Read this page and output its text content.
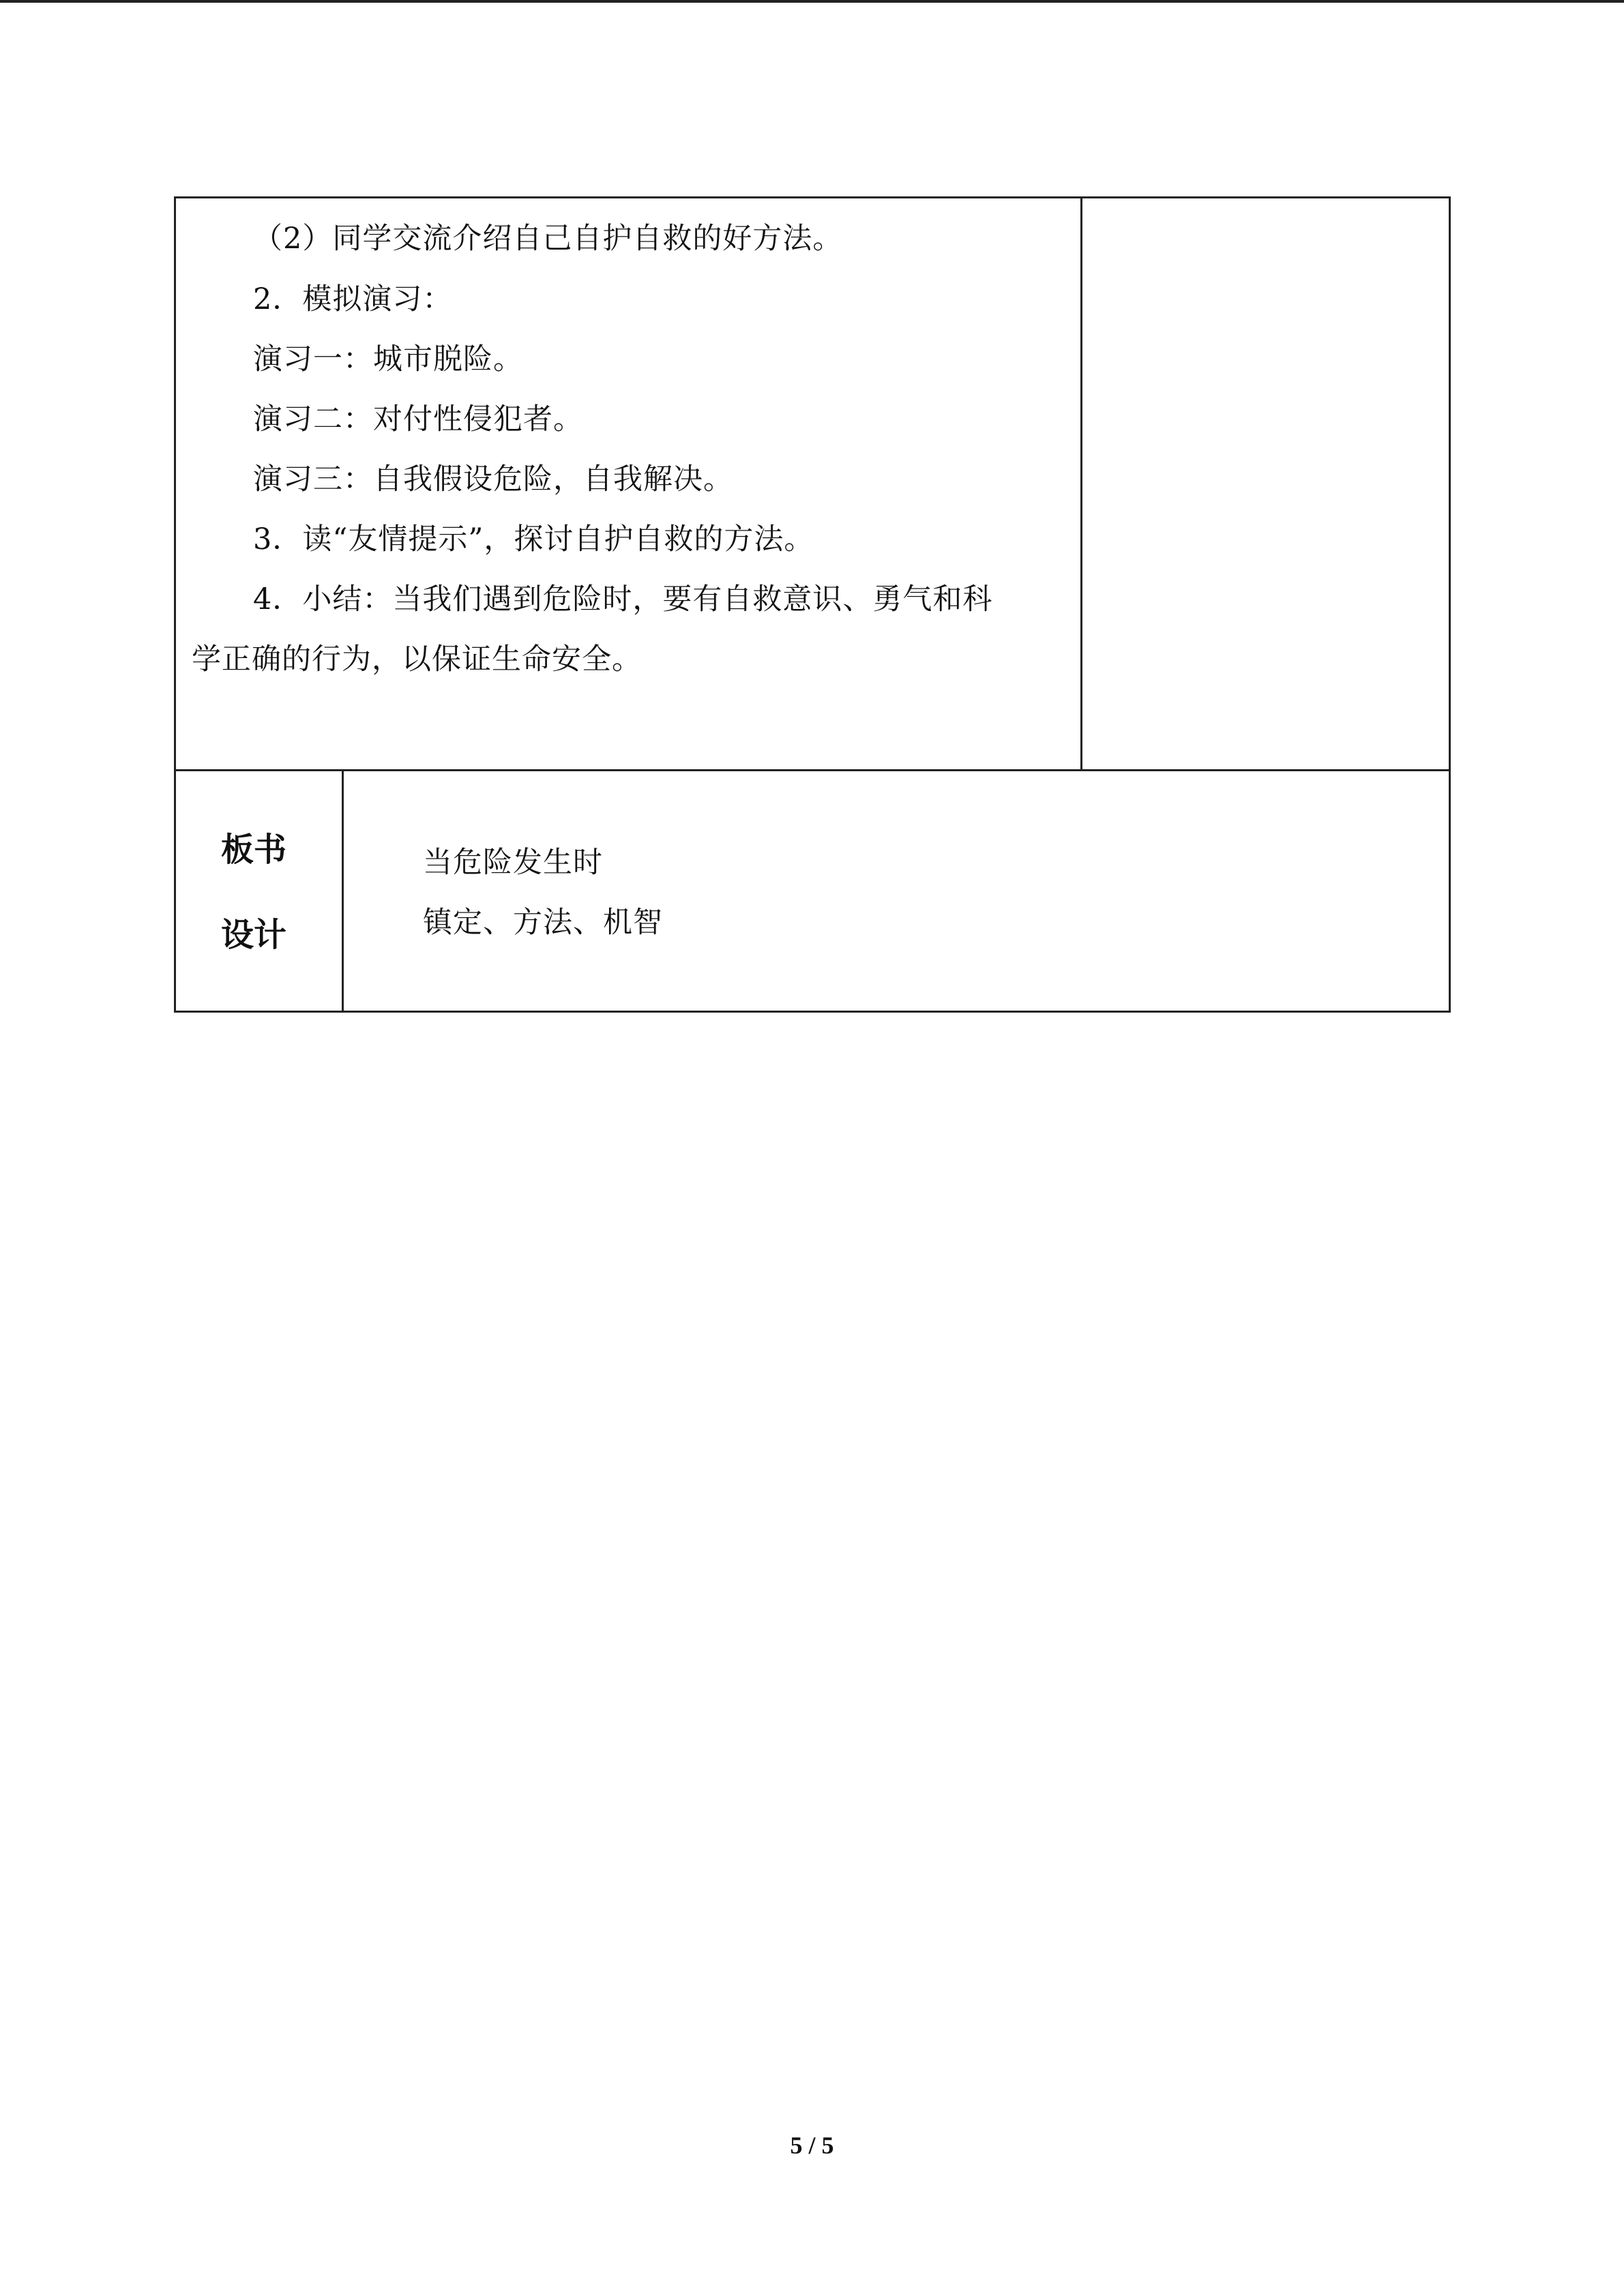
（2）同学交流介绍自己自护自救的好方法。
2．模拟演习：
演习一：城市脱险。
演习二：对付性侵犯者。
演习三：自我假设危险，自我解决。
3．读“友情提示”，探讨自护自救的方法。
4．小结：当我们遇到危险时，要有自救意识、勇气和科
学正确的行为，以保证生命安全。
板书
设计
当危险发生时
镇定、方法、机智
5 / 5
